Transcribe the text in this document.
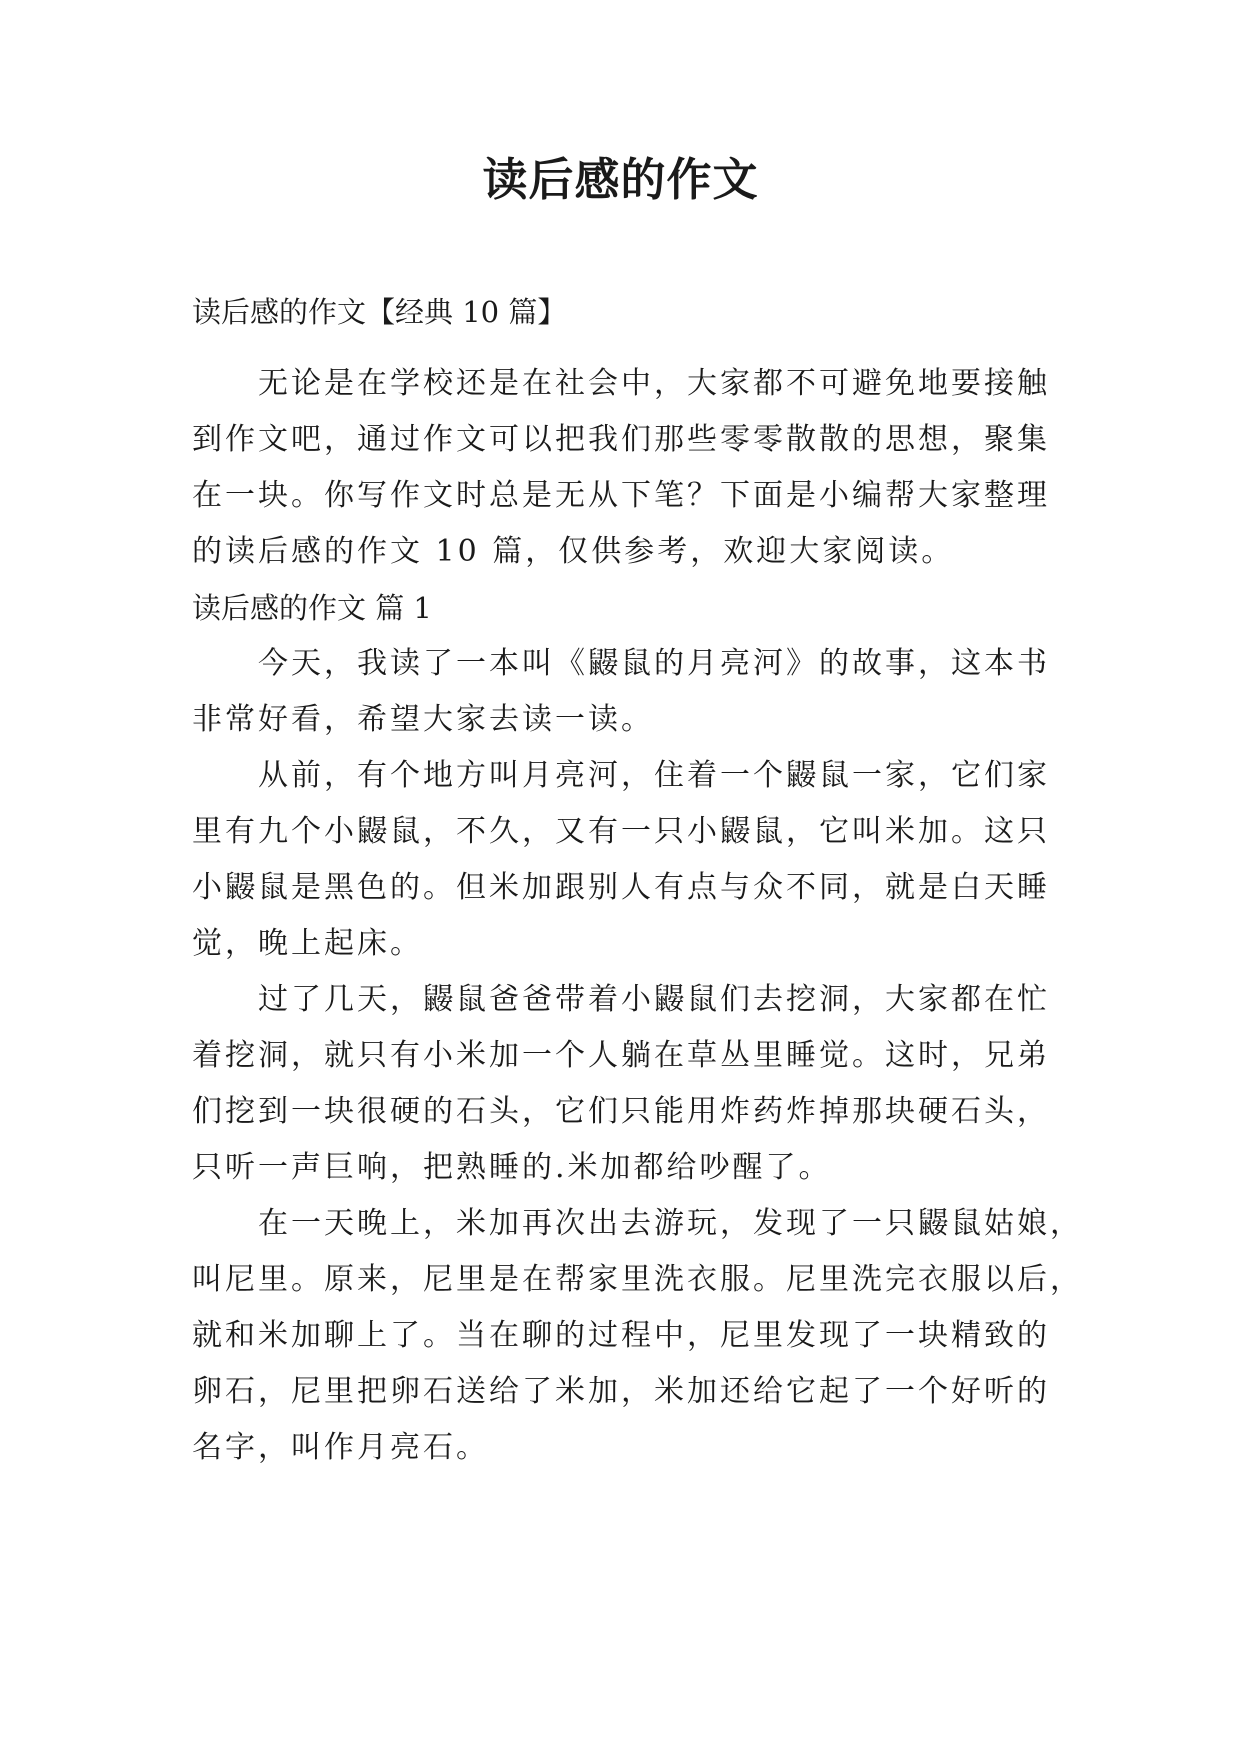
读后感的作文

读后感的作文【经典 10 篇】

无论是在学校还是在社会中，大家都不可避免地要接触

到作文吧，通过作文可以把我们那些零零散散的思想，聚集

在一块。你写作文时总是无从下笔？下面是小编帮大家整理

的读后感的作文 10 篇，仅供参考，欢迎大家阅读。

读后感的作文 篇 1

今天，我读了一本叫《鼹鼠的月亮河》的故事，这本书

非常好看，希望大家去读一读。

从前，有个地方叫月亮河，住着一个鼹鼠一家，它们家

里有九个小鼹鼠，不久，又有一只小鼹鼠，它叫米加。这只

小鼹鼠是黑色的。但米加跟别人有点与众不同，就是白天睡

觉，晚上起床。

过了几天，鼹鼠爸爸带着小鼹鼠们去挖洞，大家都在忙

着挖洞，就只有小米加一个人躺在草丛里睡觉。这时，兄弟

们挖到一块很硬的石头，它们只能用炸药炸掉那块硬石头，

只听一声巨响，把熟睡的.米加都给吵醒了。

在一天晚上，米加再次出去游玩，发现了一只鼹鼠姑娘，

叫尼里。原来，尼里是在帮家里洗衣服。尼里洗完衣服以后，

就和米加聊上了。当在聊的过程中，尼里发现了一块精致的

卵石，尼里把卵石送给了米加，米加还给它起了一个好听的

名字，叫作月亮石。
